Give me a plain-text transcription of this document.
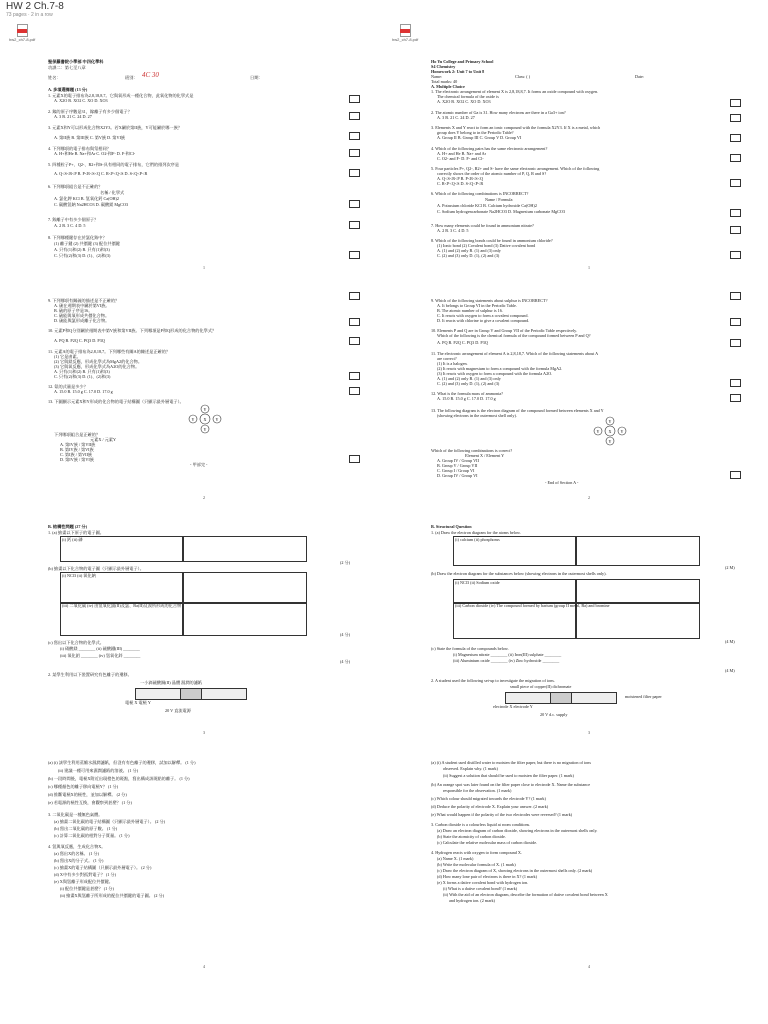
HW 2 Ch.7-8
73 pages · 2 in a row
hw2_ch7-8.pdf	hw2_ch7-8.pdf
聖保羅書院小學部 中四化學科
功課二：第七至八章
姓名：	班別： 4C 30	日期：
A. 多項選擇題 (13 分)
1. 元素X的電子排布為2,8,18,8,7。它與氧形成一種化合物，此氧化物的化學式是
A. X2O B. XO2 C. XO D. XO3
2. 鎵的原子序數是31，鎵離子有多少個電子？
A. 3 B. 21 C. 24 D. 27
3. 元素X和Y可以形成化合物X2Y3。若X屬於第II族，Y可能屬於哪一族？
A. 第II族 B. 第III族 C. 第V族 D. 第VI族
4. 下列哪項的電子排布與氖相同？
A. H+和He B. Na+和Ar C. O2-和F- D. F-和Cl-
5. 四種粒子P+、Q2-、R2+和S-具有相同的電子排布，它們的排列次序是
A. Q<S<R<P B. P<R<S<Q C. R<P<Q<S D. S<Q<P<R
6. 下列哪項組合是不正確的？
名稱 / 化學式
A. 氯化鉀 KCl B. 氫氧化鈣 Ca(OH)2
C. 碳酸氫鈉 Na2HCO3 D. 碳酸鎂 MgCO3
7. 銨離子中有多少個原子？
A. 2 B. 3 C. 4 D. 5
8. 下列哪種鍵存在於氯化銨中？
(1) 離子鍵 (2) 共價鍵 (3) 配位共價鍵
A. 只有(1)和(2) B. 只有(1)和(3)
C. 只有(2)和(3) D. (1)、(2)和(3)
1
Ho Yu College and Primary School
S4 Chemistry
Homework 2: Unit 7 to Unit 8
Name:	Class: ( )	Date:
Total marks: 40
A. Multiple Choice
1. The electronic arrangement of element X is 2,8,18,8,7. It forms an oxide compound with oxygen.
The chemical formula of the oxide is
A. X2O B. XO2 C. XO D. XO3
2. The atomic number of Ga is 31. How many electrons are there in a Ga3+ ion?
A. 3 B. 21 C. 24 D. 27
3. Elements X and Y react to form an ionic compound with the formula X2Y3. If X is a metal, which
group does Y belong to in the Periodic Table?
A. Group II B. Group III C. Group V D. Group VI
4. Which of the following pairs has the same electronic arrangement?
A. H+ and He B. Na+ and Ar
C. O2- and F- D. F- and Cl-
5. Four particles P+, Q2-, R2+ and S- have the same electronic arrangement. Which of the following
correctly shows the order of the atomic number of P, Q, R and S?
A. Q<S<R<P B. P<R<S<Q
C. R<P<Q<S D. S<Q<P<R
6. Which of the following combinations is INCORRECT?
Name / Formula
A. Potassium chloride KCl B. Calcium hydroxide Ca(OH)2
C. Sodium hydrogencarbonate Na2HCO3 D. Magnesium carbonate MgCO3
7. How many elements could be found in ammonium nitrate?
A. 2 B. 3 C. 4 D. 5
8. Which of the following bonds could be found in ammonium chloride?
(1) Ionic bond (2) Covalent bond (3) Dative covalent bond
A. (1) and (2) only B. (1) and (3) only
C. (2) and (3) only D. (1), (2) and (3)
1
9. 下列哪項有關硫的描述是不正確的？
A. 硫在週期表中屬於第VI族。
B. 硫的原子序是16。
C. 硫能與氧形成共價化合物。
D. 硫能與氯形成離子化合物。
10. 元素P和Q分別屬於週期表中第V族和第VII族。下列哪項是P和Q形成的化合物的化學式？
A. PQ B. P2Q C. PQ3 D. P3Q
11. 元素A的電子排布為2,8,18,7。下列哪些有關A的陳述是正確的？
(1) 它是鹵素。
(2) 它與鎂反應，形成化學式為MgA2的化合物。
(3) 它與氧反應，形成化學式為A2O的化合物。
A. 只有(1)和(2) B. 只有(1)和(3)
C. 只有(2)和(3) D. (1)、(2)和(3)
12. 氨的式量是多少？
A. 15.0 B. 15.0 g C. 17.0 D. 17.0 g
13. 下圖顯示元素X和Y形成的化合物的電子結構圖（只顯示最外層電子）。
Y
X
Y
Y	Y
下列哪項組合是正確的？
元素X / 元素Y
A. 第IV族 / 第VII族
B. 第IV族 / 第VI族
C. 第I族 / 第VII族
D. 第IV族 / 第VI族
- 甲部完 -
2
9. Which of the following statements about sulphur is INCORRECT?
A. It belongs to Group VI in the Periodic Table.
B. The atomic number of sulphur is 16.
C. It reacts with oxygen to form a covalent compound.
D. It reacts with chlorine to give a covalent compound.
10. Elements P and Q are in Group V and Group VII of the Periodic Table respectively.
Which of the following is the chemical formula of the compound formed between P and Q?
A. PQ B. P2Q C. PQ3 D. P3Q
11. The electronic arrangement of element A is 2,8,18,7. Which of the following statements about A
are correct?
(1) It is a halogen.
(2) It reacts with magnesium to form a compound with the formula MgA2.
(3) It reacts with oxygen to form a compound with the formula A2O.
A. (1) and (2) only B. (1) and (3) only
C. (2) and (3) only D. (1), (2) and (3)
12. What is the formula mass of ammonia?
A. 15.0 B. 15.0 g C. 17.0 D. 17.0 g
13. The following diagram is the electron diagram of the compound formed between elements X and Y
(showing electrons in the outermost shell only).
Y
X
Y
Y	Y
Which of the following combinations is correct?
Element X / Element Y
A. Group IV / Group VII
B. Group V / Group VII
C. Group I / Group VI
D. Group IV / Group VI
- End of Section A -
2
B. 結構性問題 (27 分)
1. (a) 繪畫以下原子的電子圖。
(i) 鈣 (ii) 磷
(2 分)
(b) 繪畫以下化合物的電子圖（只顯示最外層電子）。
(i) NCl3 (ii) 氧化鈉
(iii) 二氧化碳 (iv) 由氫氧化鋇(II)及氯、Ba(II)及溴所形成的化合物
(4 分)
(c) 寫出以下化合物的化學式。
(i) 硝酸鎂 ________ (ii) 硫酸鐵(III) ________
(iii) 氧化鋁 ________ (iv) 氫氧化鋅 ________
(4 分)
2. 某學生利用以下裝置研究有色離子的遷移。
一小滴硫酸銅(II) 晶體 濕潤的濾紙
電極 X 電極 Y
20 V 直流電源
3
B. Structural Question
1. (a) Draw the electron diagram for the atoms below.
(i) calcium (ii) phosphorus
(2 M)
(b) Draw the electron diagram for the substances below (showing electrons in the outermost shells only).
(i) NCl3 (ii) Sodium oxide
(iii) Carbon dioxide (iv) The compound formed by barium (group II metal, Ba) and bromine
(4 M)
(c) State the formula of the compounds below.
(i) Magnesium nitrate ________ (ii) Iron(III) sulphate ________
(iii) Aluminium oxide ________ (iv) Zinc hydroxide ________
(4 M)
2. A student used the following set-up to investigate the migration of ions.
small piece of copper(II) dichromate
moistened filter paper
electrode X electrode Y
20 V d.c. supply
3
(a) (i) 該學生利用蒸餾水濕潤濾紙，但沒有有色離子的遷移，試加以解釋。 (1 分)
(ii) 建議一種可用來濕潤濾紙的溶液。 (1 分)
(b) 一段時間後，電極X附近出現橙色的斑點，寫出構成該斑點的離子。 (1 分)
(c) 哪種顏色的離子移向電極Y？ (1 分)
(d) 推斷電極X的極性，並加以解釋。 (2 分)
(e) 若電源的極性互換，會觀察到甚麼？ (1 分)
3. 二氧化碳是一種無色氣體。
(a) 繪畫二氧化碳的電子結構圖（只顯示最外層電子）。 (2 分)
(b) 寫出二氧化碳的原子數。 (1 分)
(c) 計算二氧化碳的相對分子質量。 (1 分)
4. 氫與氧反應，生成化合物X。
(a) 寫出X的名稱。 (1 分)
(b) 寫出X的分子式。 (1 分)
(c) 繪畫X的電子結構圖（只顯示最外層電子）。 (2 分)
(d) X中有多少對孤對電子？ (1 分)
(e) X與氫離子形成配位共價鍵。
(i) 配位共價鍵是甚麼？ (1 分)
(ii) 繪畫X與氫離子所形成的配位共價鍵的電子圖。 (2 分)
4
(a) (i) A student used distilled water to moisten the filter paper, but there is no migration of ions
observed. Explain why. (1 mark)
(ii) Suggest a solution that should be used to moisten the filter paper. (1 mark)
(b) An orange spot was later found on the filter paper close to electrode X. Name the substance
responsible for the observation. (1 mark)
(c) Which colour should migrated towards the electrode Y? (1 mark)
(d) Deduce the polarity of electrode X. Explain your answer. (2 mark)
(e) What would happen if the polarity of the two electrodes were reversed? (1 mark)
3. Carbon dioxide is a colourless liquid at room conditions.
(a) Draw an electron diagram of carbon dioxide, showing electrons in the outermost shells only.
(b) State the atomicity of carbon dioxide.
(c) Calculate the relative molecular mass of carbon dioxide.
4. Hydrogen reacts with oxygen to form compound X.
(a) Name X. (1 mark)
(b) Write the molecular formula of X. (1 mark)
(c) Draw the electron diagram of X, showing electrons in the outermost shells only. (2 mark)
(d) How many lone pair of electrons is there in X? (1 mark)
(e) X forms a dative covalent bond with hydrogen ion.
(i) What is a dative covalent bond? (1 mark)
(ii) With the aid of an electron diagram, describe the formation of dative covalent bond between X
and hydrogen ion. (2 mark)
4
